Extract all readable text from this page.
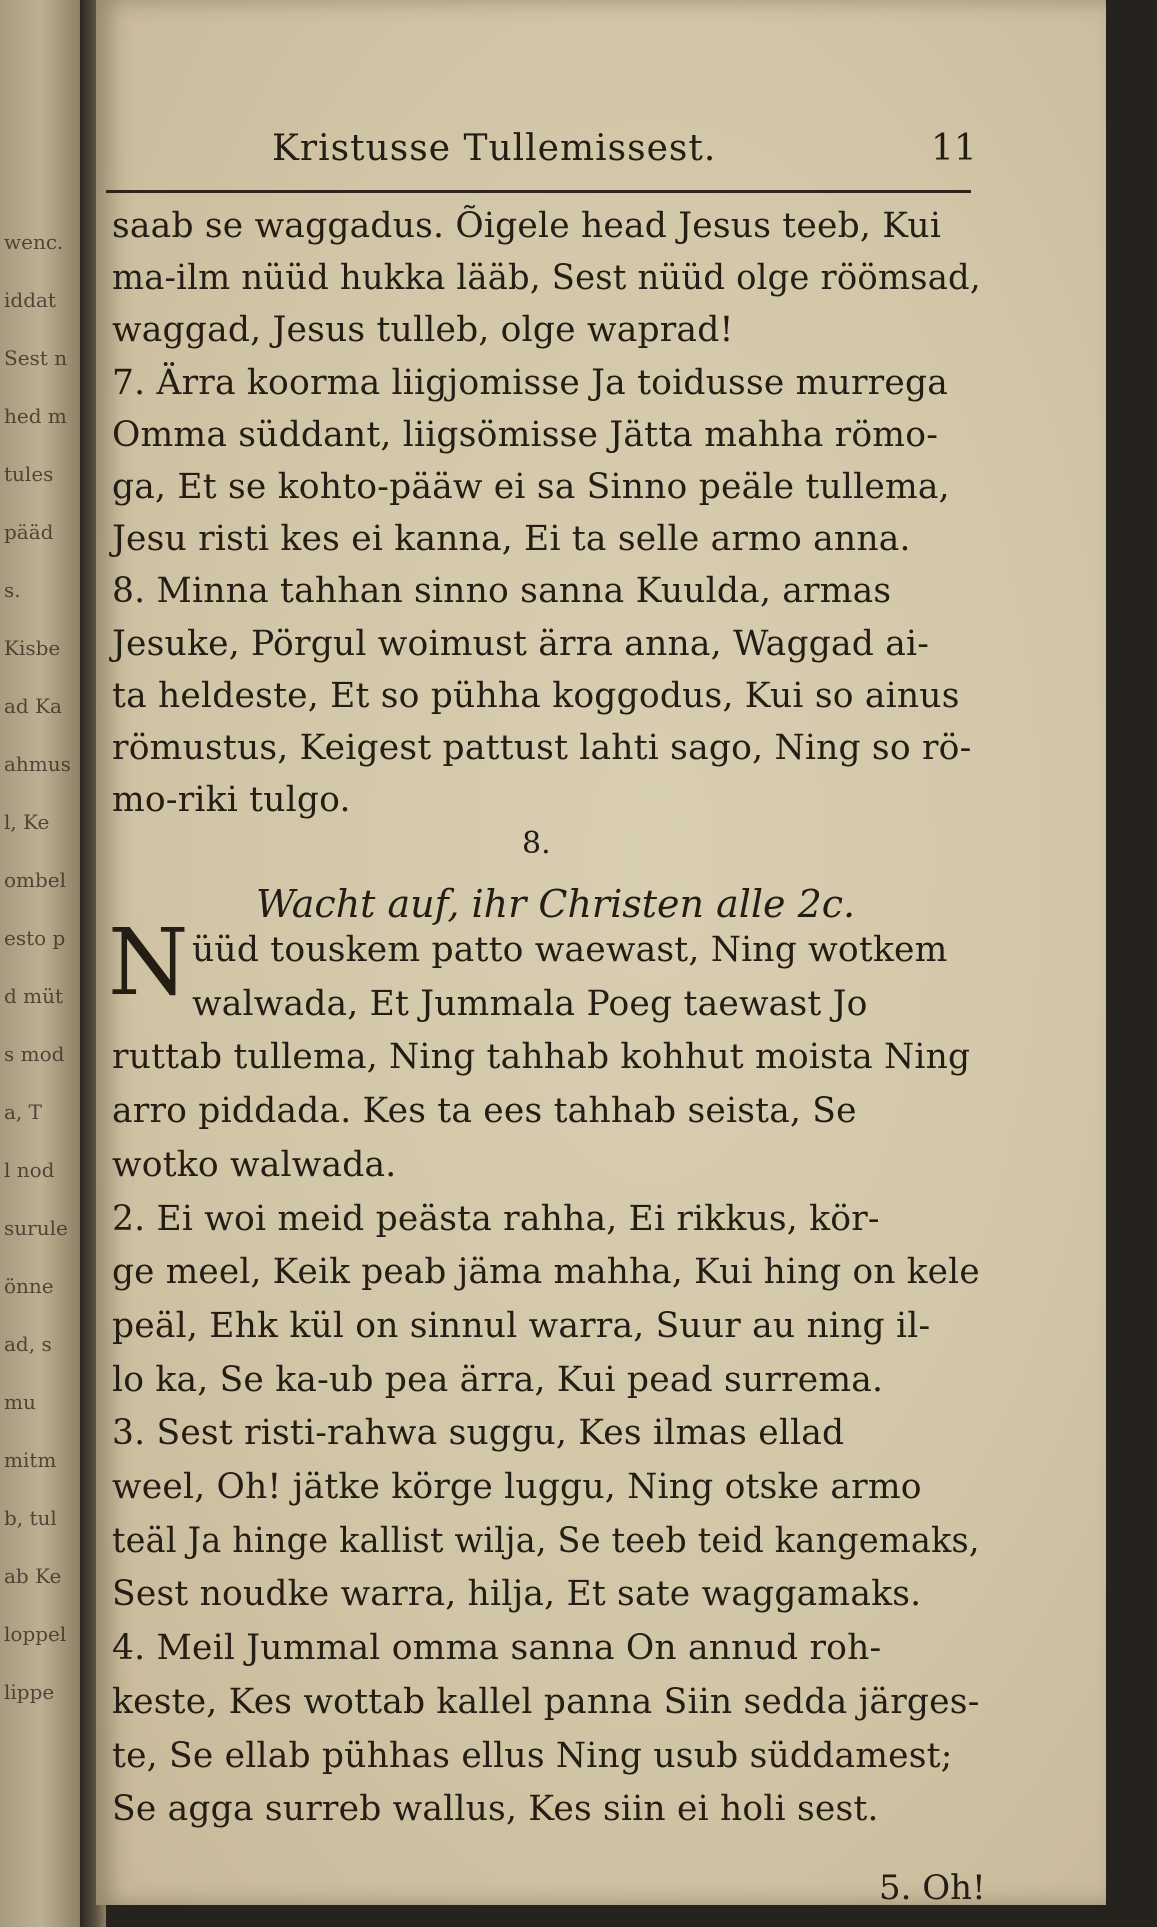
wenc.
iddat
Sest n
hed m
tules
pääd
s.
Kisbe
ad Ka
ahmus
l, Ke
ombel
esto p
d müt
s mod
a, T
l nod
surule
önne
ad, s
mu
mitm
b, tul
ab Ke
loppel
lippe
Kristusse Tullemissest.	11
saab se waggadus. Õigele head Jesus teeb, Kui
ma-ilm nüüd hukka lääb, Sest nüüd olge röömsad,
waggad, Jesus tulleb, olge waprad!
7. Ärra koorma liigjomisse Ja toidusse murrega
Omma süddant, liigsömisse Jätta mahha römo-
ga, Et se kohto-pääw ei sa Sinno peäle tullema,
Jesu risti kes ei kanna, Ei ta selle armo anna.
8. Minna tahhan sinno sanna Kuulda, armas
Jesuke, Pörgul woimust ärra anna, Waggad ai-
ta heldeste, Et so pühha koggodus, Kui so ainus
römustus, Keigest pattust lahti sago, Ning so rö-
mo-riki tulgo.
8.
Wacht auf, ihr Christen alle 2c.
N üüd touskem patto waewast, Ning wotkem
walwada, Et Jummala Poeg taewast Jo
ruttab tullema, Ning tahhab kohhut moista Ning
arro piddada. Kes ta ees tahhab seista, Se
wotko walwada.
2. Ei woi meid peästa rahha, Ei rikkus, kör-
ge meel, Keik peab jäma mahha, Kui hing on kele
peäl, Ehk kül on sinnul warra, Suur au ning il-
lo ka, Se ka-ub pea ärra, Kui pead surrema.
3. Sest risti-rahwa suggu, Kes ilmas ellad
weel, Oh! jätke körge luggu, Ning otske armo
teäl Ja hinge kallist wilja, Se teeb teid kangemaks,
Sest noudke warra, hilja, Et sate waggamaks.
4. Meil Jummal omma sanna On annud roh-
keste, Kes wottab kallel panna Siin sedda järges-
te, Se ellab pühhas ellus Ning usub süddamest;
Se agga surreb wallus, Kes siin ei holi sest.
5. Oh!
